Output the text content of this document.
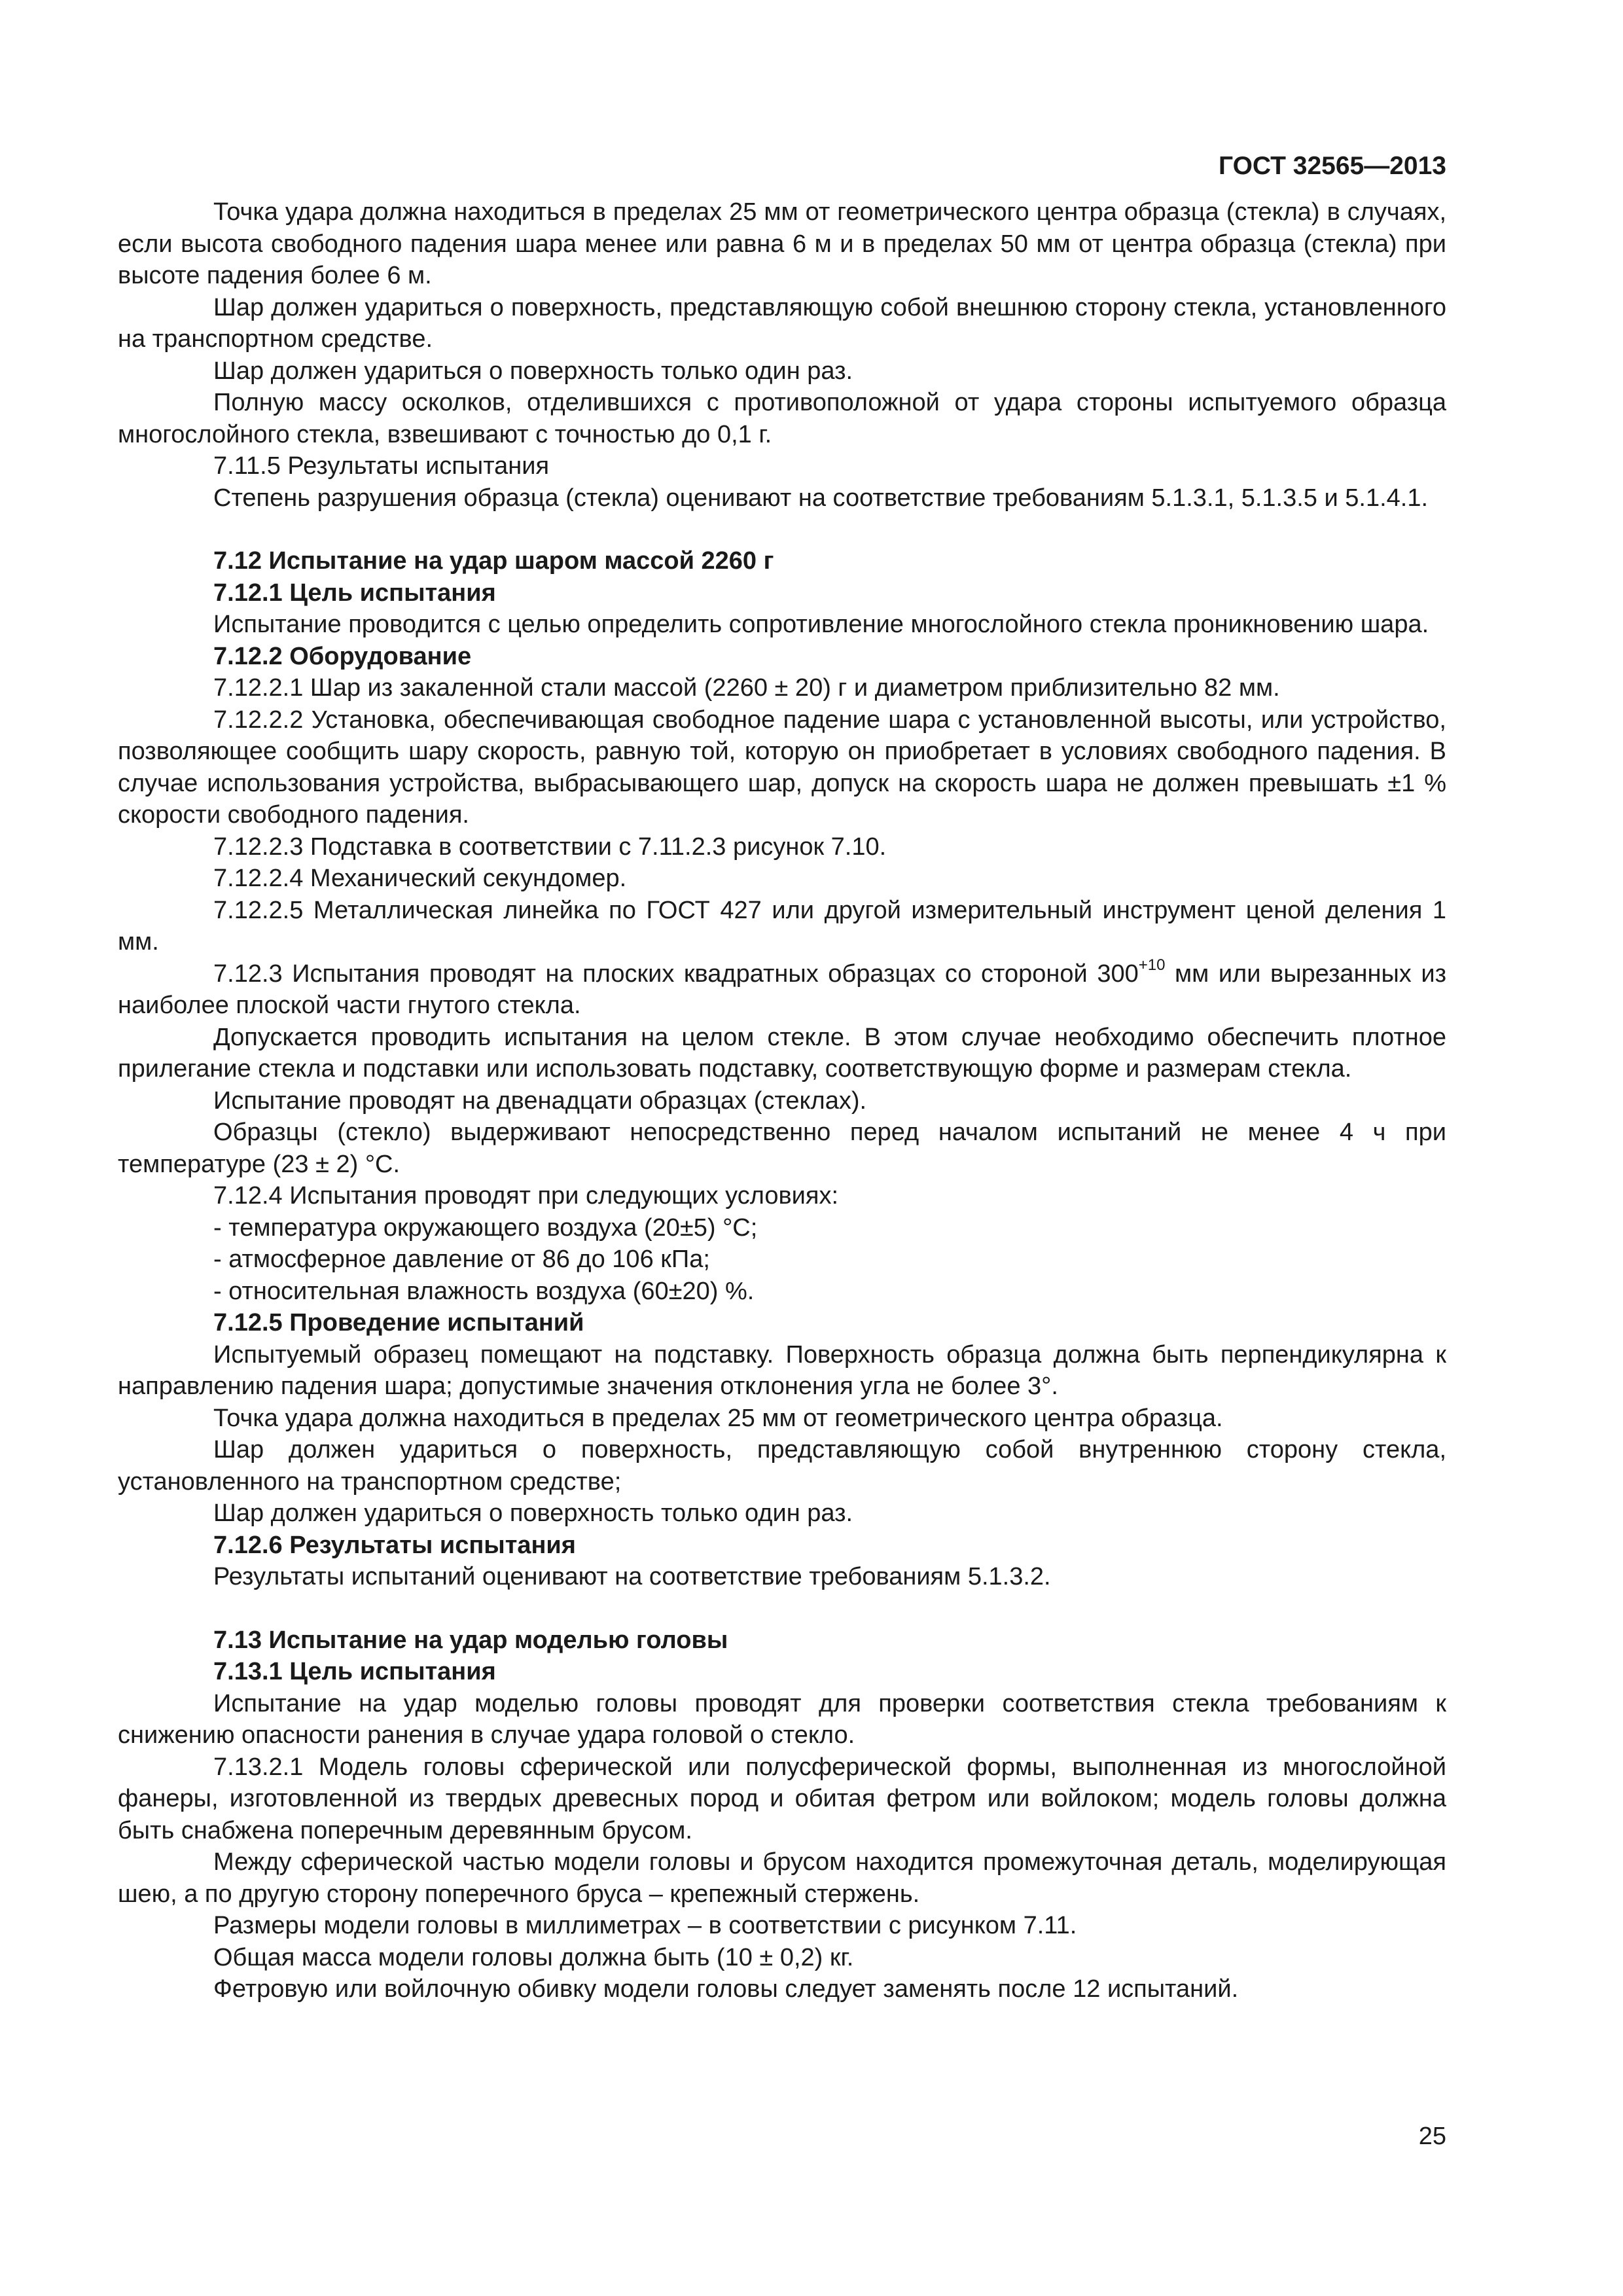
ГОСТ 32565—2013

Точка удара должна находиться в пределах 25 мм от геометрического центра образца (стекла) в случаях, если высота свободного падения шара менее или равна 6 м и в пределах 50 мм от центра образца (стекла) при высоте падения более 6 м.

Шар должен удариться о поверхность, представляющую собой внешнюю сторону стекла, установленного на транспортном средстве.

Шар должен удариться о поверхность только один раз.

Полную массу осколков, отделившихся с противоположной от удара стороны испытуемого образца многослойного стекла, взвешивают с точностью до 0,1 г.

7.11.5 Результаты испытания

Степень разрушения образца (стекла) оценивают на соответствие требованиям 5.1.3.1, 5.1.3.5 и 5.1.4.1.

7.12 Испытание на удар шаром массой 2260 г

7.12.1 Цель испытания

Испытание проводится с целью определить сопротивление многослойного стекла проникновению шара.

7.12.2 Оборудование

7.12.2.1 Шар из закаленной стали массой (2260 ± 20) г и диаметром приблизительно 82 мм.

7.12.2.2 Установка, обеспечивающая свободное падение шара с установленной высоты, или устройство, позволяющее сообщить шару скорость, равную той, которую он приобретает в условиях свободного падения. В случае использования устройства, выбрасывающего шар, допуск на скорость шара не должен превышать ±1 % скорости свободного падения.

7.12.2.3 Подставка в соответствии с 7.11.2.3 рисунок 7.10.

7.12.2.4 Механический секундомер.

7.12.2.5 Металлическая линейка по ГОСТ 427 или другой измерительный инструмент ценой деления 1 мм.

7.12.3 Испытания проводят на плоских квадратных образцах со стороной $300^{+10}$ мм или вырезанных из наиболее плоской части гнутого стекла.

Допускается проводить испытания на целом стекле. В этом случае необходимо обеспечить плотное прилегание стекла и подставки или использовать подставку, соответствующую форме и размерам стекла.

Испытание проводят на двенадцати образцах (стеклах).

Образцы (стекло) выдерживают непосредственно перед началом испытаний не менее 4 ч при температуре (23 ± 2) °С.

7.12.4 Испытания проводят при следующих условиях:

- температура окружающего воздуха (20±5) °С;

- атмосферное давление от 86 до 106 кПа;

- относительная влажность воздуха (60±20) %.

7.12.5 Проведение испытаний

Испытуемый образец помещают на подставку. Поверхность образца должна быть перпендикулярна к направлению падения шара; допустимые значения отклонения угла не более 3°.

Точка удара должна находиться в пределах 25 мм от геометрического центра образца.

Шар должен удариться о поверхность, представляющую собой внутреннюю сторону стекла, установленного на транспортном средстве;

Шар должен удариться о поверхность только один раз.

7.12.6 Результаты испытания

Результаты испытаний оценивают на соответствие требованиям 5.1.3.2.

7.13 Испытание на удар моделью головы

7.13.1 Цель испытания

Испытание на удар моделью головы проводят для проверки соответствия стекла требованиям к снижению опасности ранения в случае удара головой о стекло.

7.13.2.1 Модель головы сферической или полусферической формы, выполненная из многослойной фанеры, изготовленной из твердых древесных пород и обитая фетром или войлоком; модель головы должна быть снабжена поперечным деревянным брусом.

Между сферической частью модели головы и брусом находится промежуточная деталь, моделирующая шею, а по другую сторону поперечного бруса – крепежный стержень.

Размеры модели головы в миллиметрах – в соответствии с рисунком 7.11.

Общая масса модели головы должна быть (10 ± 0,2) кг.

Фетровую или войлочную обивку модели головы следует заменять после 12 испытаний.

25
